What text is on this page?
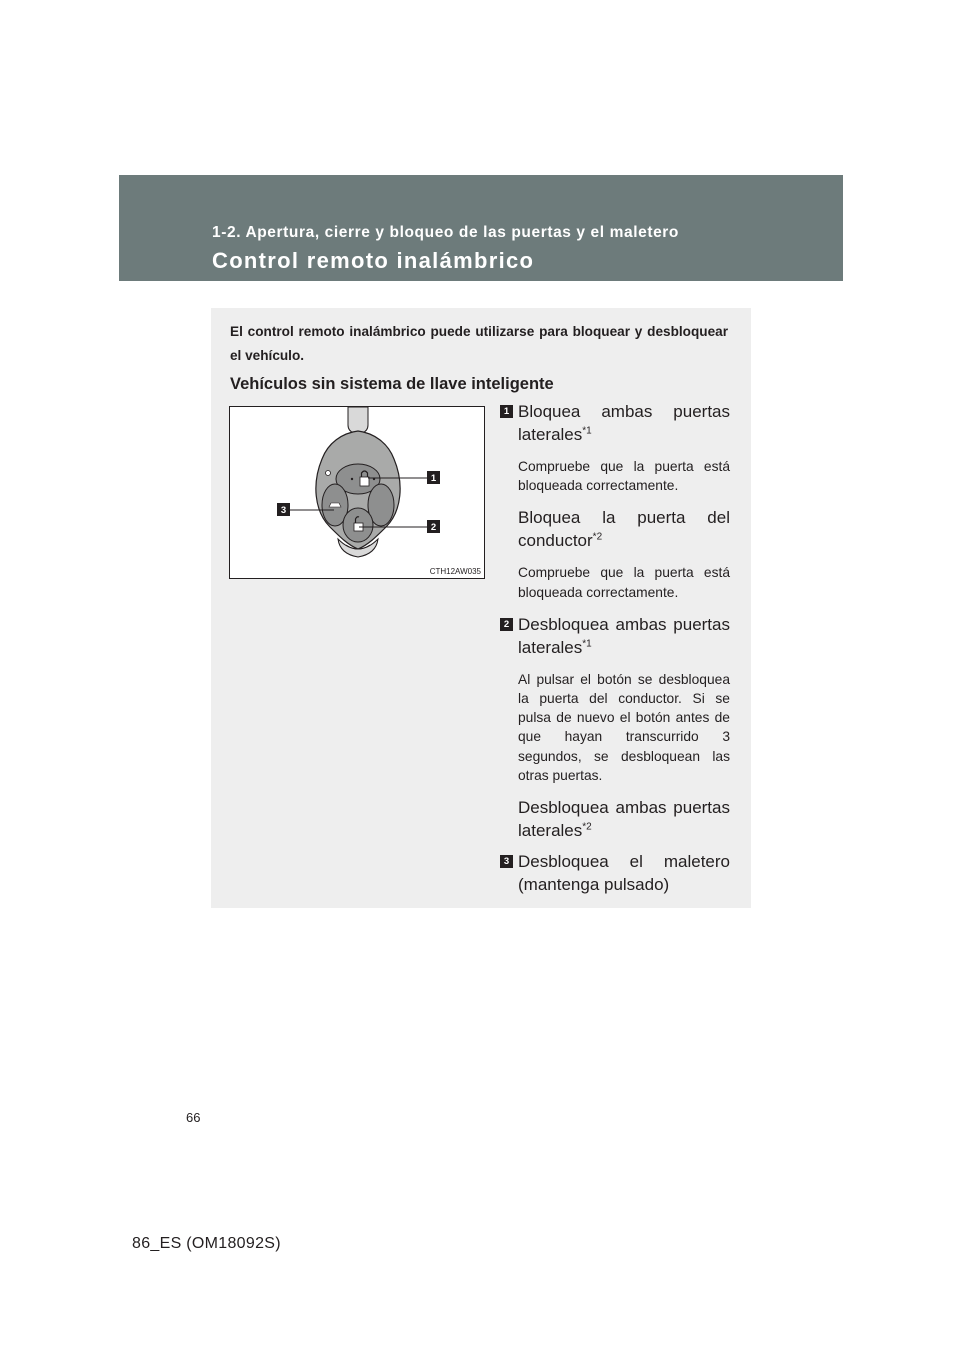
1-2. Apertura, cierre y bloqueo de las puertas y el maletero
Control remoto inalámbrico
El control remoto inalámbrico puede utilizarse para bloquear y desbloquear el vehículo.
Vehículos sin sistema de llave inteligente
1
2
3
CTH12AW035
1 Bloquea ambas puertas laterales$^{*1}$
Compruebe que la puerta está bloqueada correctamente.
Bloquea la puerta del conductor$^{*2}$
Compruebe que la puerta está bloqueada correctamente.
2 Desbloquea ambas puertas laterales$^{*1}$
Al pulsar el botón se desbloquea la puerta del conductor. Si se pulsa de nuevo el botón antes de que hayan transcurrido 3 segundos, se desbloquean las otras puertas.
Desbloquea ambas puertas laterales$^{*2}$
3 Desbloquea el maletero (mantenga pulsado)
66
86_ES (OM18092S)
